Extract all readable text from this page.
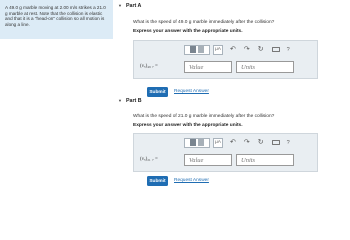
A 49.0 g marble moving at 2.00 m/s strikes a 21.0 g marble at rest. Note that the collision is elastic and that it is a "head-on" collision so all motion is along a line.
▼ Part A
What is the speed of 49.0 g marble immediately after the collision?
Express your answer with the appropriate units.
μA ↶ ↷ ↻	?
(vₓ)₄₉ ₇ =	Value	Units
Submit	Request Answer
▼ Part B
What is the speed of 21.0 g marble immediately after the collision?
Express your answer with the appropriate units.
μA ↶ ↷ ↻	?
(vₓ)₂₁ ₇ =	Value	Units
Submit	Request Answer
